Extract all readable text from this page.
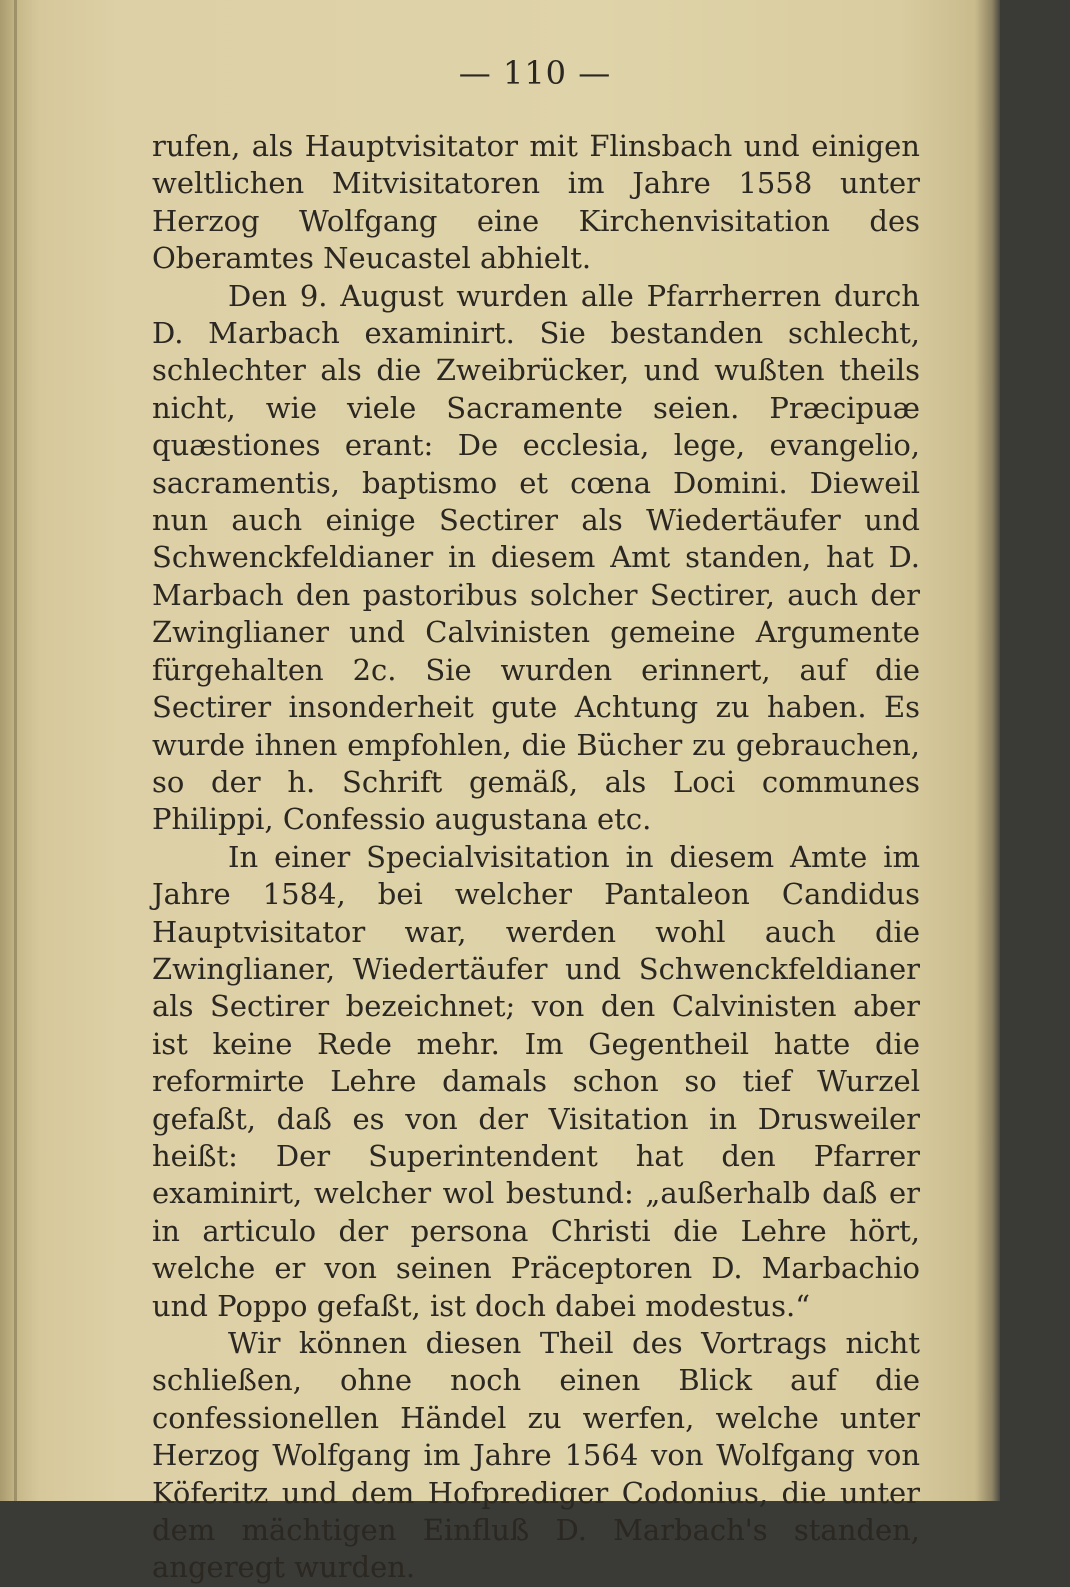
— 110 —

rufen, als Hauptvisitator mit Flinsbach und einigen weltlichen Mitvisitatoren im Jahre 1558 unter Herzog Wolfgang eine Kirchenvisitation des Oberamtes Neucastel abhielt.

Den 9. August wurden alle Pfarrherren durch D. Marbach examinirt. Sie bestanden schlecht, schlechter als die Zweibrücker, und wußten theils nicht, wie viele Sacramente seien. Præcipuæ quæstiones erant: De ecclesia, lege, evangelio, sacramentis, baptismo et cœna Domini. Dieweil nun auch einige Sectirer als Wiedertäufer und Schwenckfeldianer in diesem Amt standen, hat D. Marbach den pastoribus solcher Sectirer, auch der Zwinglianer und Calvinisten gemeine Argumente fürgehalten 2c. Sie wurden erinnert, auf die Sectirer insonderheit gute Achtung zu haben. Es wurde ihnen empfohlen, die Bücher zu gebrauchen, so der h. Schrift gemäß, als Loci communes Philippi, Confessio augustana etc.

In einer Specialvisitation in diesem Amte im Jahre 1584, bei welcher Pantaleon Candidus Hauptvisitator war, werden wohl auch die Zwinglianer, Wiedertäufer und Schwenckfeldianer als Sectirer bezeichnet; von den Calvinisten aber ist keine Rede mehr. Im Gegentheil hatte die reformirte Lehre damals schon so tief Wurzel gefaßt, daß es von der Visitation in Drusweiler heißt: Der Superintendent hat den Pfarrer examinirt, welcher wol bestund: „außerhalb daß er in articulo der persona Christi die Lehre hört, welche er von seinen Präceptoren D. Marbachio und Poppo gefaßt, ist doch dabei modestus.“

Wir können diesen Theil des Vortrags nicht schließen, ohne noch einen Blick auf die confessionellen Händel zu werfen, welche unter Herzog Wolfgang im Jahre 1564 von Wolfgang von Köferitz und dem Hofprediger Codonius, die unter dem mächtigen Einfluß D. Marbach's standen, angeregt wurden.
